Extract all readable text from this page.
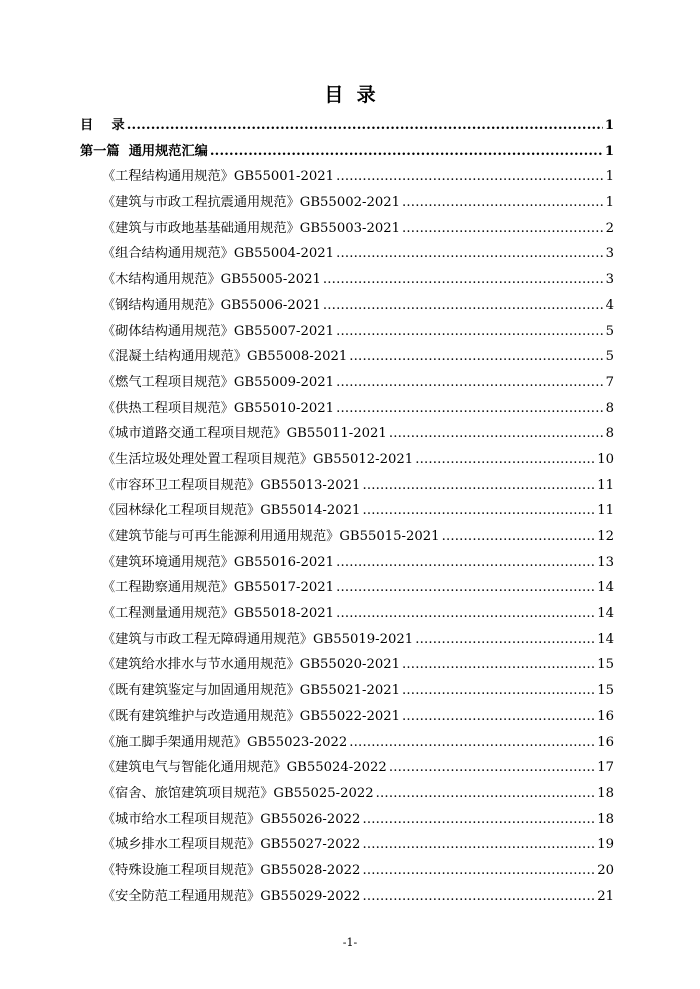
目  录
目    录 .....	1
第一篇  通用规范汇编 .....	1
《工程结构通用规范》GB55001-2021 .....	1
《建筑与市政工程抗震通用规范》GB55002-2021 .....	1
《建筑与市政地基基础通用规范》GB55003-2021 .....	2
《组合结构通用规范》GB55004-2021 .....	3
《木结构通用规范》GB55005-2021 .....	3
《钢结构通用规范》GB55006-2021 .....	4
《砌体结构通用规范》GB55007-2021 .....	5
《混凝土结构通用规范》GB55008-2021 .....	5
《燃气工程项目规范》GB55009-2021 .....	7
《供热工程项目规范》GB55010-2021 .....	8
《城市道路交通工程项目规范》GB55011-2021 .....	8
《生活垃圾处理处置工程项目规范》GB55012-2021 .....	10
《市容环卫工程项目规范》GB55013-2021 .....	11
《园林绿化工程项目规范》GB55014-2021 .....	11
《建筑节能与可再生能源利用通用规范》GB55015-2021 .....	12
《建筑环境通用规范》GB55016-2021 .....	13
《工程勘察通用规范》GB55017-2021 .....	14
《工程测量通用规范》GB55018-2021 .....	14
《建筑与市政工程无障碍通用规范》GB55019-2021 .....	14
《建筑给水排水与节水通用规范》GB55020-2021 .....	15
《既有建筑鉴定与加固通用规范》GB55021-2021 .....	15
《既有建筑维护与改造通用规范》GB55022-2021 .....	16
《施工脚手架通用规范》GB55023-2022 .....	16
《建筑电气与智能化通用规范》GB55024-2022 .....	17
《宿舍、旅馆建筑项目规范》GB55025-2022 .....	18
《城市给水工程项目规范》GB55026-2022 .....	18
《城乡排水工程项目规范》GB55027-2022 .....	19
《特殊设施工程项目规范》GB55028-2022 .....	20
《安全防范工程通用规范》GB55029-2022 .....	21
-1-
